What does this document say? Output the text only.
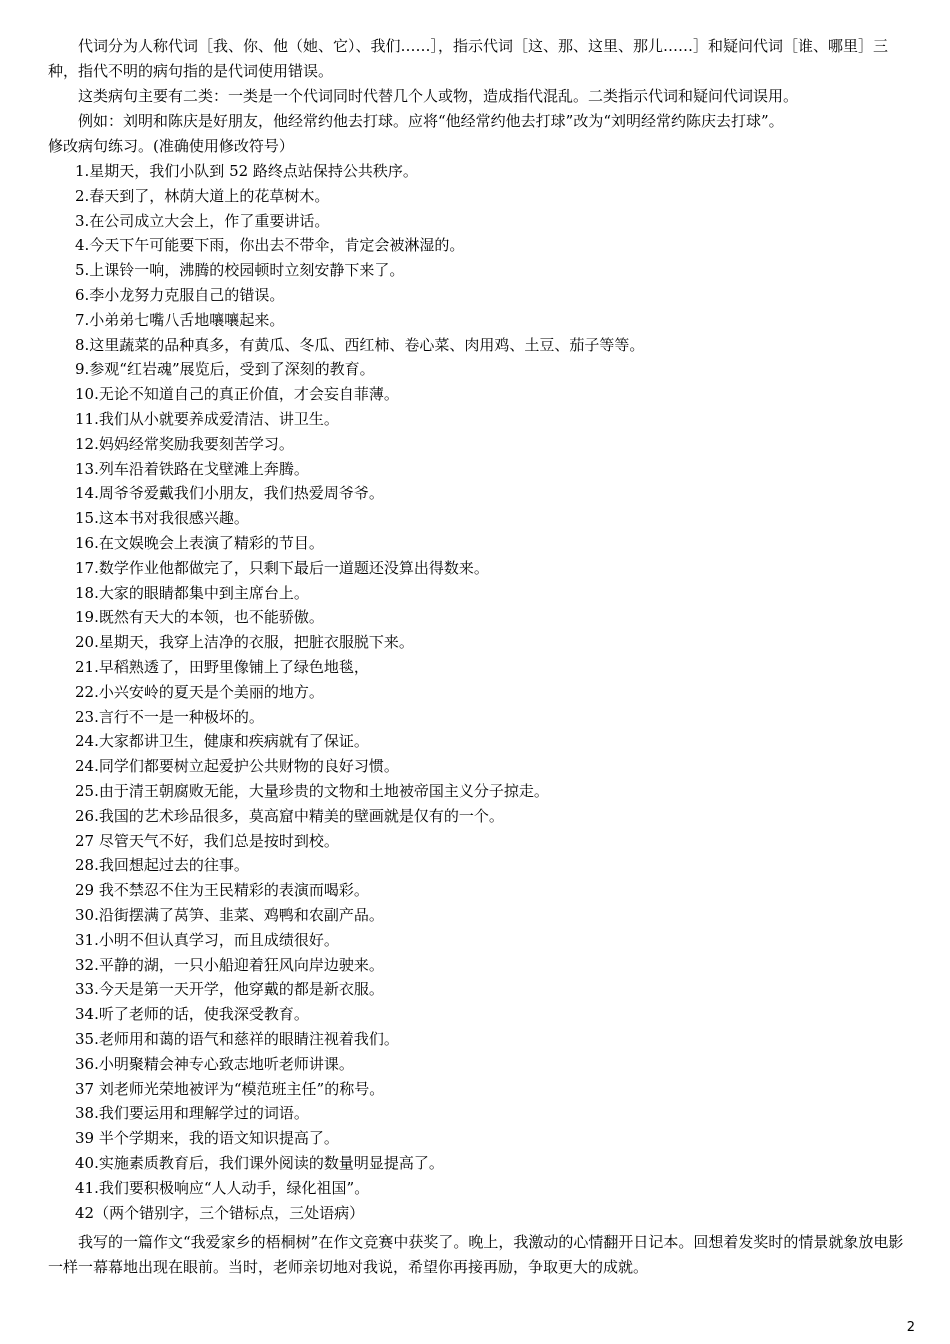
代词分为人称代词［我、你、他（她、它）、我们……］，指示代词［这、那、这里、那儿……］和疑问代词［谁、哪里］三种，指代不明的病句指的是代词使用错误。

这类病句主要有二类：一类是一个代词同时代替几个人或物，造成指代混乱。二类指示代词和疑问代词误用。

例如：刘明和陈庆是好朋友，他经常约他去打球。应将“他经常约他去打球”改为“刘明经常约陈庆去打球”。

修改病句练习。(准确使用修改符号）
1.星期天，我们小队到 52 路终点站保持公共秩序。
2.春天到了，林荫大道上的花草树木。
3.在公司成立大会上，作了重要讲话。
4.今天下午可能要下雨，你出去不带伞，肯定会被淋湿的。
5.上课铃一响，沸腾的校园顿时立刻安静下来了。
6.李小龙努力克服自己的错误。
7.小弟弟七嘴八舌地嚷嚷起来。
8.这里蔬菜的品种真多，有黄瓜、冬瓜、西红柿、卷心菜、肉用鸡、土豆、茄子等等。
9.参观“红岩魂”展览后，受到了深刻的教育。
10.无论不知道自己的真正价值，才会妄自菲薄。
11.我们从小就要养成爱清洁、讲卫生。
12.妈妈经常奖励我要刻苦学习。
13.列车沿着铁路在戈壁滩上奔腾。
14.周爷爷爱戴我们小朋友，我们热爱周爷爷。
15.这本书对我很感兴趣。
16.在文娱晚会上表演了精彩的节目。
17.数学作业他都做完了，只剩下最后一道题还没算出得数来。
18.大家的眼睛都集中到主席台上。
19.既然有天大的本领，也不能骄傲。
20.星期天，我穿上洁净的衣服，把脏衣服脱下来。
21.早稻熟透了，田野里像铺上了绿色地毯，
22.小兴安岭的夏天是个美丽的地方。
23.言行不一是一种极坏的。
24.大家都讲卫生，健康和疾病就有了保证。
24.同学们都要树立起爱护公共财物的良好习惯。
25.由于清王朝腐败无能，大量珍贵的文物和土地被帝国主义分子掠走。
26.我国的艺术珍品很多，莫高窟中精美的壁画就是仅有的一个。
27 尽管天气不好，我们总是按时到校。
28.我回想起过去的往事。
29 我不禁忍不住为王民精彩的表演而喝彩。
30.沿街摆满了莴笋、韭菜、鸡鸭和农副产品。
31.小明不但认真学习，而且成绩很好。
32.平静的湖，一只小船迎着狂风向岸边驶来。
33.今天是第一天开学，他穿戴的都是新衣服。
34.听了老师的话，使我深受教育。
35.老师用和蔼的语气和慈祥的眼睛注视着我们。
36.小明聚精会神专心致志地听老师讲课。
37 刘老师光荣地被评为“模范班主任”的称号。
38.我们要运用和理解学过的词语。
39 半个学期来，我的语文知识提高了。
40.实施素质教育后，我们课外阅读的数量明显提高了。
41.我们要积极响应“人人动手，绿化祖国”。
42（两个错别字，三个错标点，三处语病）

我写的一篇作文“我爱家乡的梧桐树”在作文竞赛中获奖了。晚上，我激动的心情翻开日记本。回想着发奖时的情景就象放电影一样一幕幕地出现在眼前。当时，老师亲切地对我说，希望你再接再励，争取更大的成就。

2
